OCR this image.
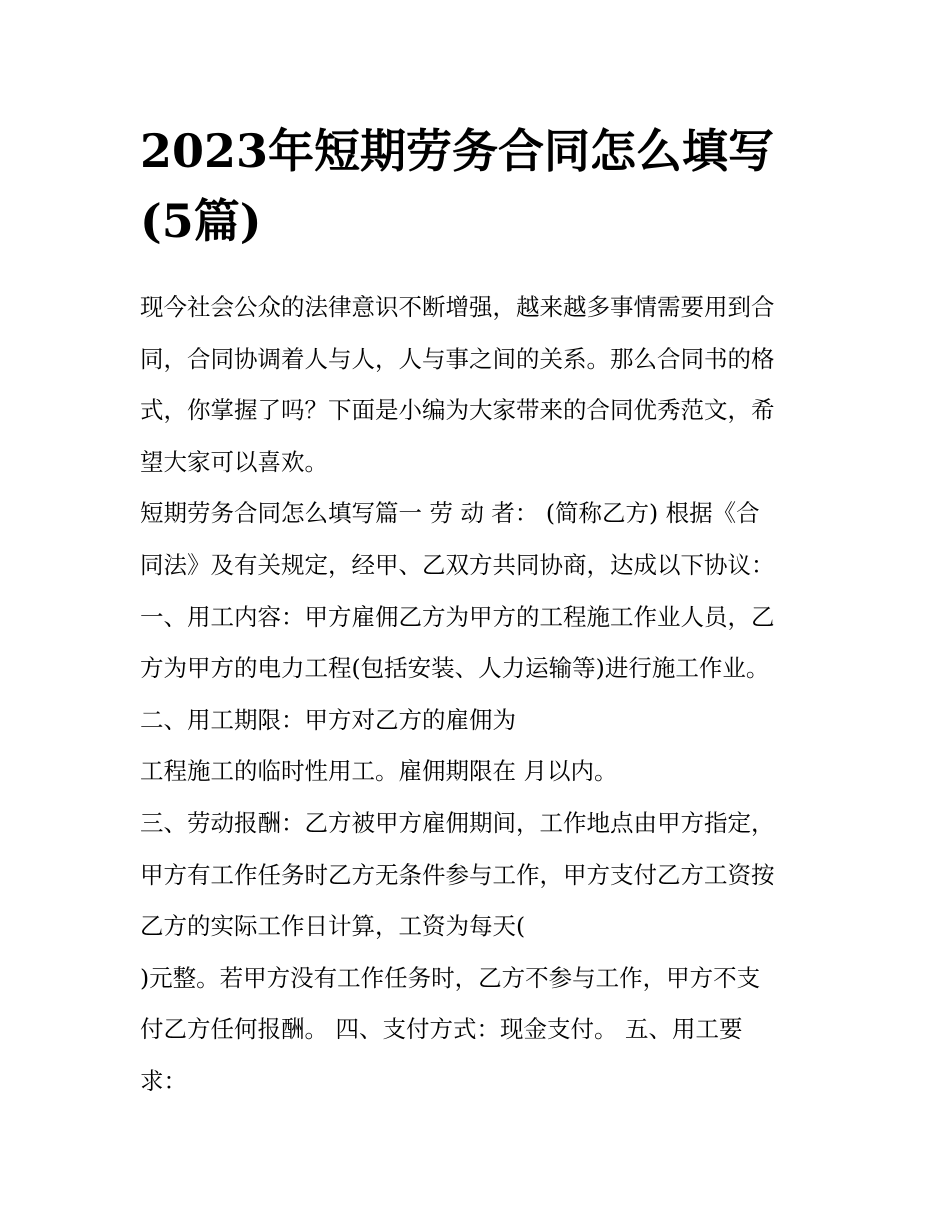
2023年短期劳务合同怎么填写
(5篇)
现今社会公众的法律意识不断增强，越来越多事情需要用到合
同，合同协调着人与人，人与事之间的关系。那么合同书的格
式，你掌握了吗？下面是小编为大家带来的合同优秀范文，希
望大家可以喜欢。
短期劳务合同怎么填写篇一 劳 动 者： (简称乙方) 根据《合
同法》及有关规定，经甲、乙双方共同协商，达成以下协议：
一、用工内容：甲方雇佣乙方为甲方的工程施工作业人员，乙
方为甲方的电力工程(包括安装、人力运输等)进行施工作业。
二、用工期限：甲方对乙方的雇佣为
工程施工的临时性用工。雇佣期限在 月以内。
三、劳动报酬：乙方被甲方雇佣期间，工作地点由甲方指定，
甲方有工作任务时乙方无条件参与工作，甲方支付乙方工资按
乙方的实际工作日计算，工资为每天(
)元整。若甲方没有工作任务时，乙方不参与工作，甲方不支
付乙方任何报酬。 四、支付方式：现金支付。 五、用工要
求：
